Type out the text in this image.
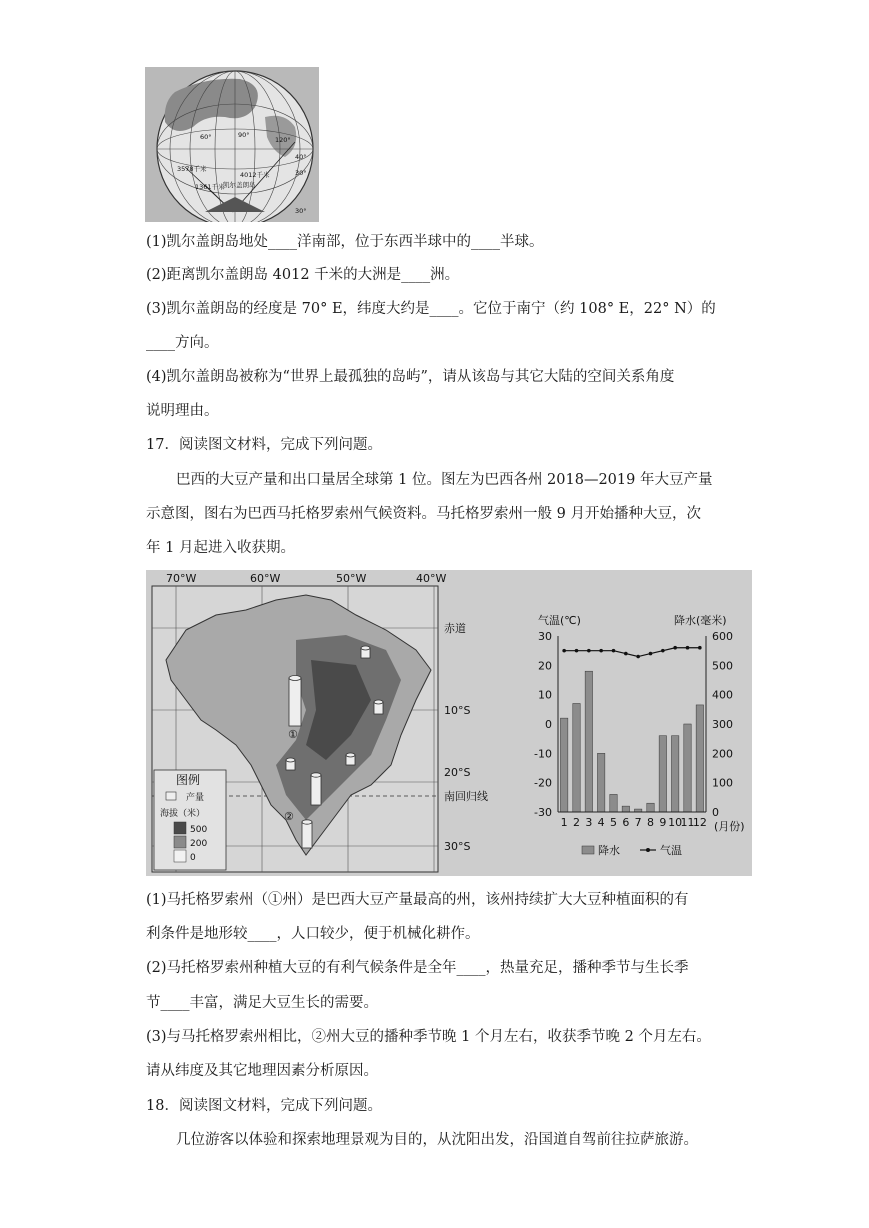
60°	90°
120°
40°
30°
30°
4012千米
3578千米
1361千米
凯尔盖朗岛
(1)凯尔盖朗岛地处____洋南部，位于东西半球中的____半球。
(2)距离凯尔盖朗岛 4012 千米的大洲是____洲。
(3)凯尔盖朗岛的经度是 70° E，纬度大约是____。它位于南宁（约 108° E，22° N）的
____方向。
(4)凯尔盖朗岛被称为“世界上最孤独的岛屿”，请从该岛与其它大陆的空间关系角度
说明理由。
17．阅读图文材料，完成下列问题。
巴西的大豆产量和出口量居全球第 1 位。图左为巴西各州 2018—2019 年大豆产量
示意图，图右为巴西马托格罗索州气候资料。马托格罗索州一般 9 月开始播种大豆，次
年 1 月起进入收获期。
①
②
70°W	60°W	50°W	40°W
赤道
10°S
20°S
南回归线
30°S
图例
产量
海拔（米）
500
200
0
气温(℃)	降水(毫米)
(月份)
30
20
10
0
-10
-20
-30
600
500
400
300
200
100
0
1 2 3 4 5 6 7 8 9 10
11
12
降水	气温
(1)马托格罗索州（①州）是巴西大豆产量最高的州，该州持续扩大大豆种植面积的有
利条件是地形较____，人口较少，便于机械化耕作。
(2)马托格罗索州种植大豆的有利气候条件是全年____，热量充足，播种季节与生长季
节____丰富，满足大豆生长的需要。
(3)与马托格罗索州相比，②州大豆的播种季节晚 1 个月左右，收获季节晚 2 个月左右。
请从纬度及其它地理因素分析原因。
18．阅读图文材料，完成下列问题。
几位游客以体验和探索地理景观为目的，从沈阳出发，沿国道自驾前往拉萨旅游。
